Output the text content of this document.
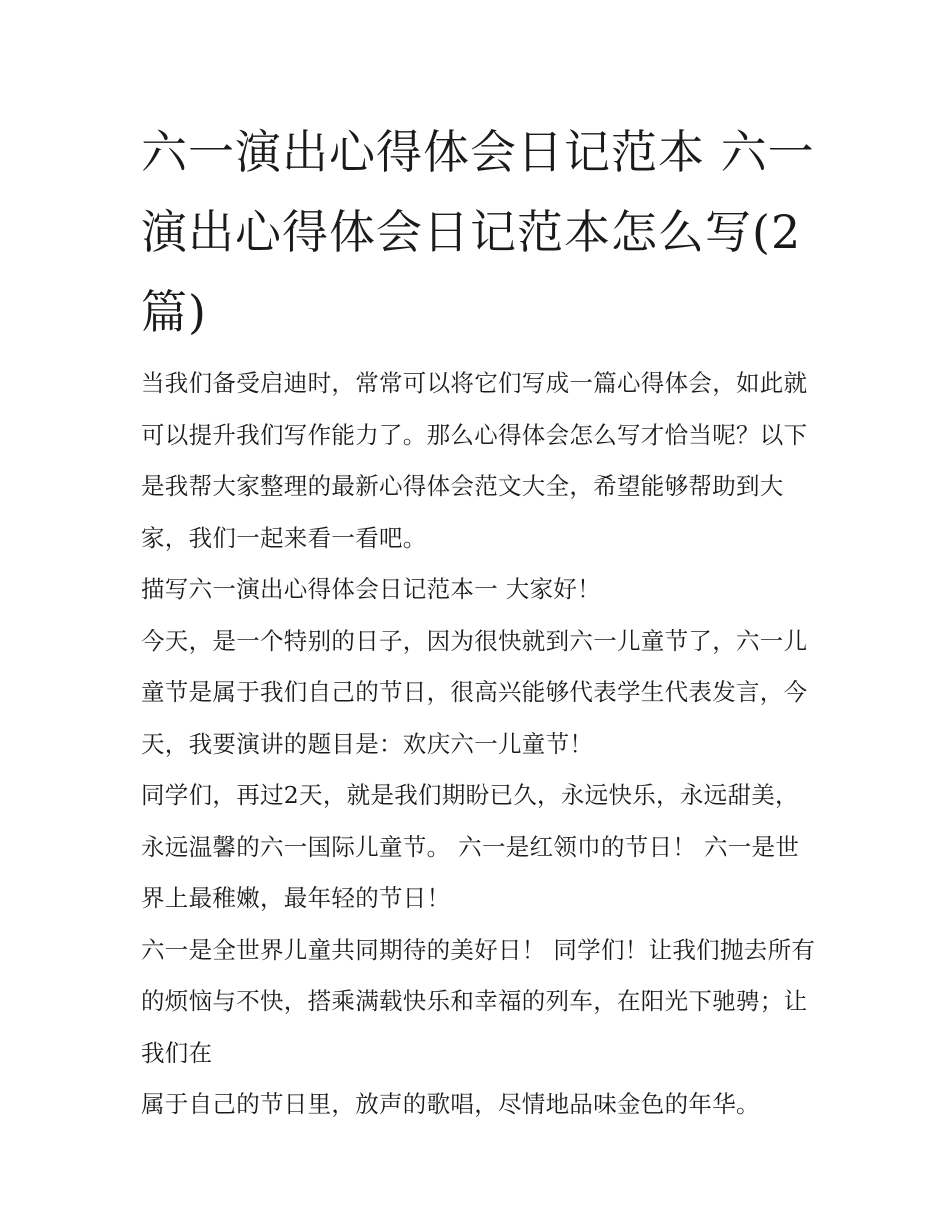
六一演出心得体会日记范本 六一演出心得体会日记范本怎么写(2篇)

当我们备受启迪时，常常可以将它们写成一篇心得体会，如此就可以提升我们写作能力了。那么心得体会怎么写才恰当呢？以下是我帮大家整理的最新心得体会范文大全，希望能够帮助到大家，我们一起来看一看吧。

描写六一演出心得体会日记范本一 大家好！

今天，是一个特别的日子，因为很快就到六一儿童节了，六一儿童节是属于我们自己的节日，很高兴能够代表学生代表发言，今天，我要演讲的题目是：欢庆六一儿童节！

同学们，再过2天，就是我们期盼已久，永远快乐，永远甜美，永远温馨的六一国际儿童节。 六一是红领巾的节日！ 六一是世界上最稚嫩，最年轻的节日！

六一是全世界儿童共同期待的美好日！ 同学们！让我们抛去所有的烦恼与不快，搭乘满载快乐和幸福的列车，在阳光下驰骋；让我们在

属于自己的节日里，放声的歌唱，尽情地品味金色的年华。
